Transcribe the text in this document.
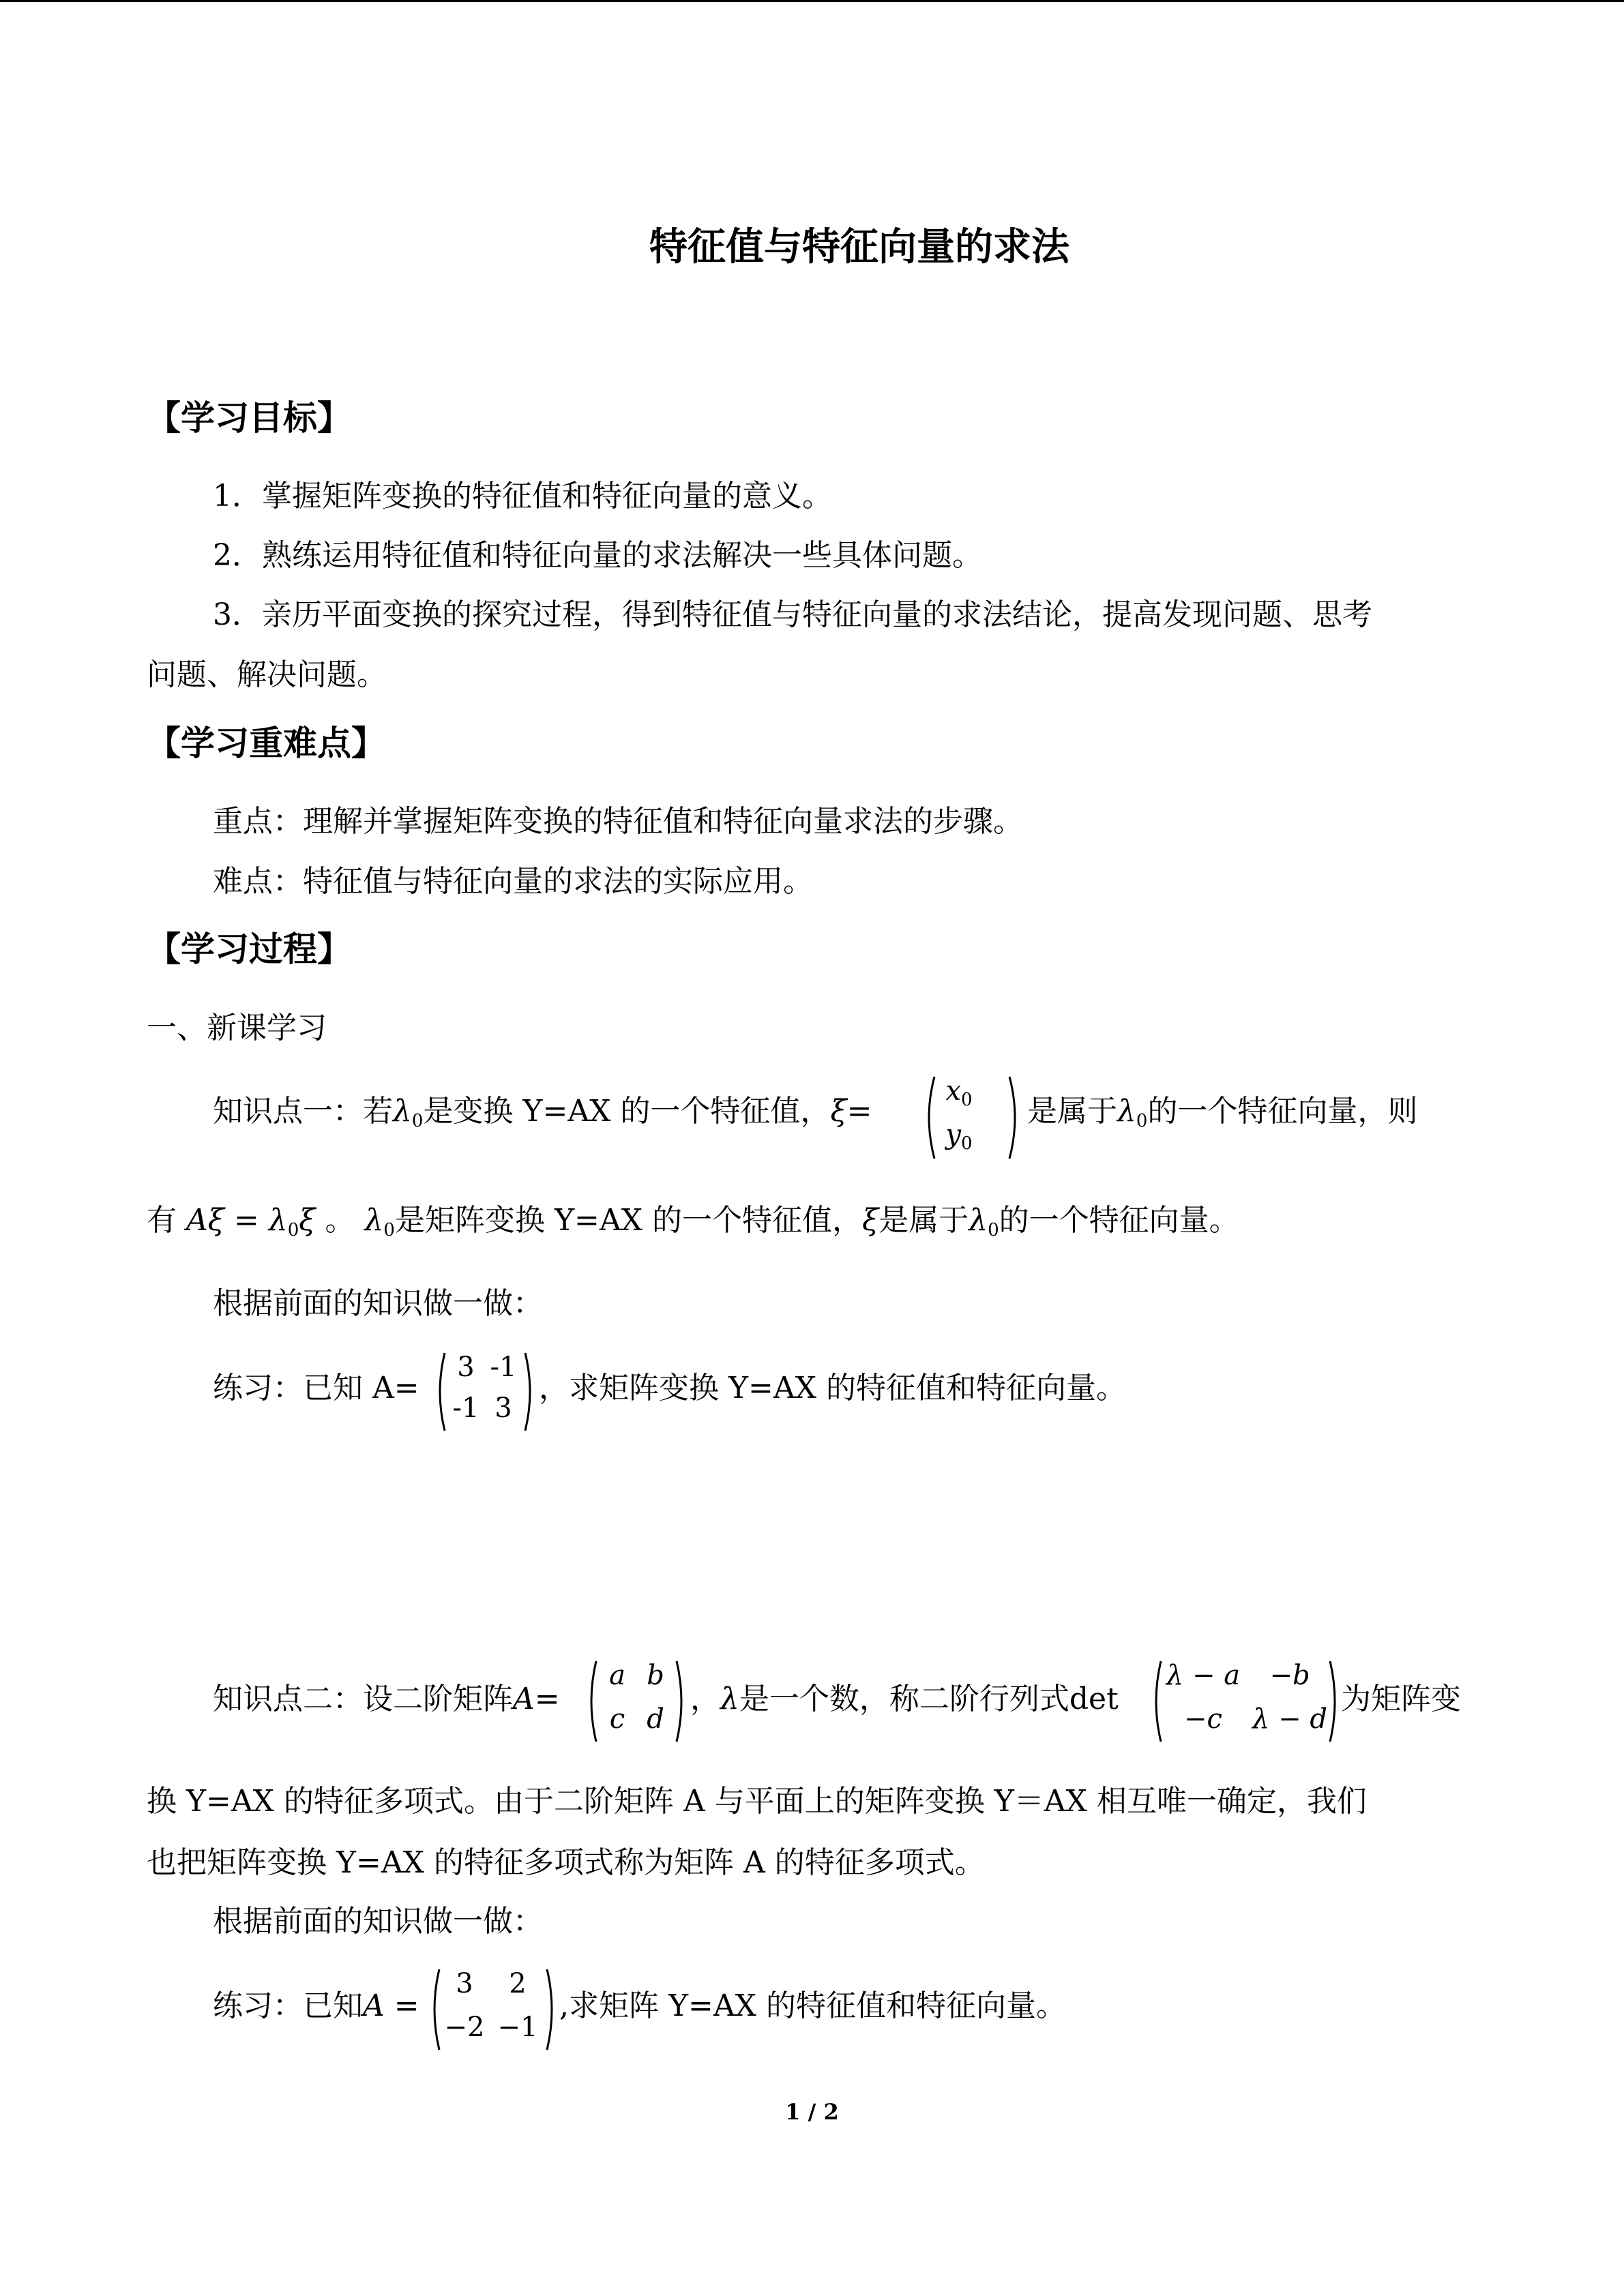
特征值与特征向量的求法
【学习目标】
1．掌握矩阵变换的特征值和特征向量的意义。
2．熟练运用特征值和特征向量的求法解决一些具体问题。
3．亲历平面变换的探究过程，得到特征值与特征向量的求法结论，提高发现问题、思考
问题、解决问题。
【学习重难点】
重点：理解并掌握矩阵变换的特征值和特征向量求法的步骤。
难点：特征值与特征向量的求法的实际应用。
【学习过程】
一、新课学习
知识点一：若$\lambda_0$是变换 Y=AX 的一个特征值，ξ=
$x_0$
$y_0$
是属于$\lambda_0$的一个特征向量，则
有 $A\xi = \lambda_0\xi$ 。 $\lambda_0$是矩阵变换 Y=AX 的一个特征值，ξ是属于$\lambda_0$的一个特征向量。
根据前面的知识做一做：
练习：已知 A=
3 -1
-1 3
，求矩阵变换 Y=AX 的特征值和特征向量。
知识点二：设二阶矩阵A=
a b
c d
，λ是一个数，称二阶行列式det
λ − a	−b
−c	λ − d
为矩阵变
换 Y=AX 的特征多项式。由于二阶矩阵 A 与平面上的矩阵变换 Y＝AX 相互唯一确定，我们
也把矩阵变换 Y=AX 的特征多项式称为矩阵 A 的特征多项式。
根据前面的知识做一做：
练习：已知A =
3	2
−2 −1
,求矩阵 Y=AX 的特征值和特征向量。
1 / 2
